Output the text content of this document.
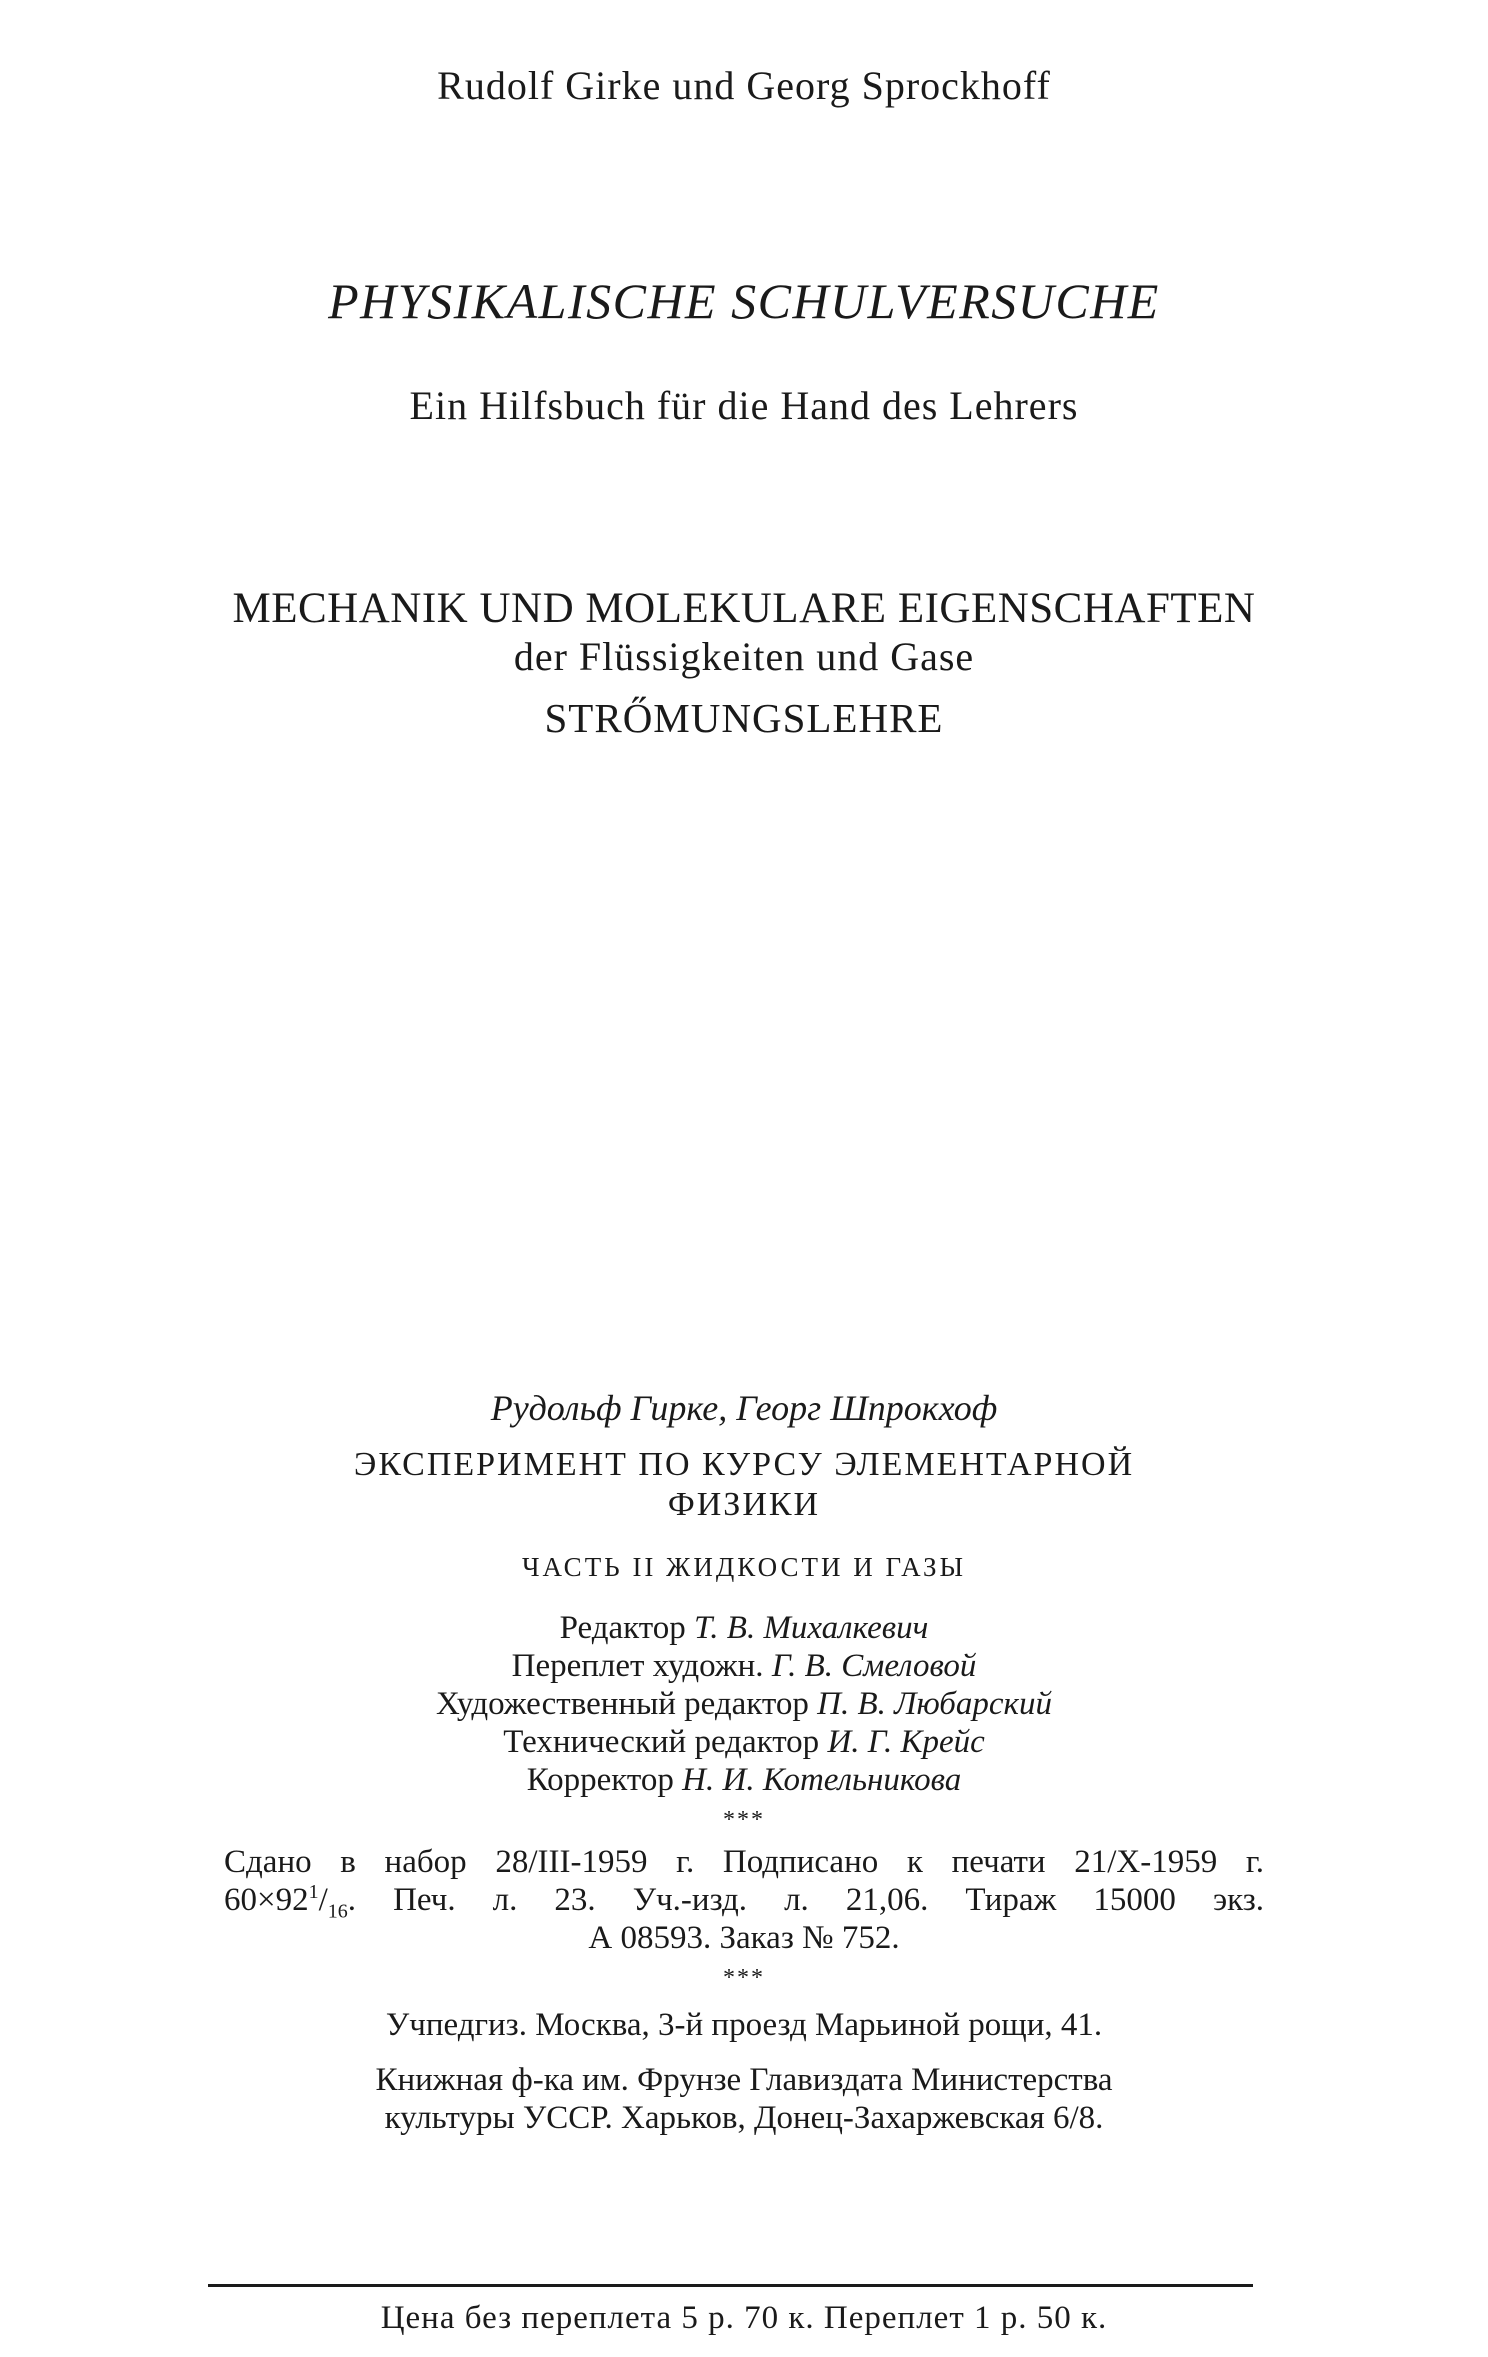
Rudolf Girke und Georg Sprockhoff
PHYSIKALISCHE SCHULVERSUCHE
Ein Hilfsbuch für die Hand des Lehrers
MECHANIK UND MOLEKULARE EIGENSCHAFTEN
der Flüssigkeiten und Gase
STRŐMUNGSLEHRE
Рудольф Гирке, Георг Шпрокхоф
ЭКСПЕРИМЕНТ ПО КУРСУ ЭЛЕМЕНТАРНОЙ
ФИЗИКИ
ЧАСТЬ II ЖИДКОСТИ И ГАЗЫ
Редактор Т. В. Михалкевич
Переплет художн. Г. В. Смеловой
Художественный редактор П. В. Любарский
Технический редактор И. Г. Крейс
Корректор Н. И. Котельникова
***
Сдано в набор 28/III-1959 г. Подписано к печати 21/X-1959 г.
$60\times 92^1/_{16}$. Печ. л. 23. Уч.-изд. л. 21,06. Тираж 15000 экз.
А 08593. Заказ № 752.
***
Учпедгиз. Москва, 3-й проезд Марьиной рощи, 41.
Книжная ф-ка им. Фрунзе Главиздата Министерства
культуры УССР. Харьков, Донец-Захаржевская 6/8.
Цена без переплета 5 р. 70 к. Переплет 1 р. 50 к.
